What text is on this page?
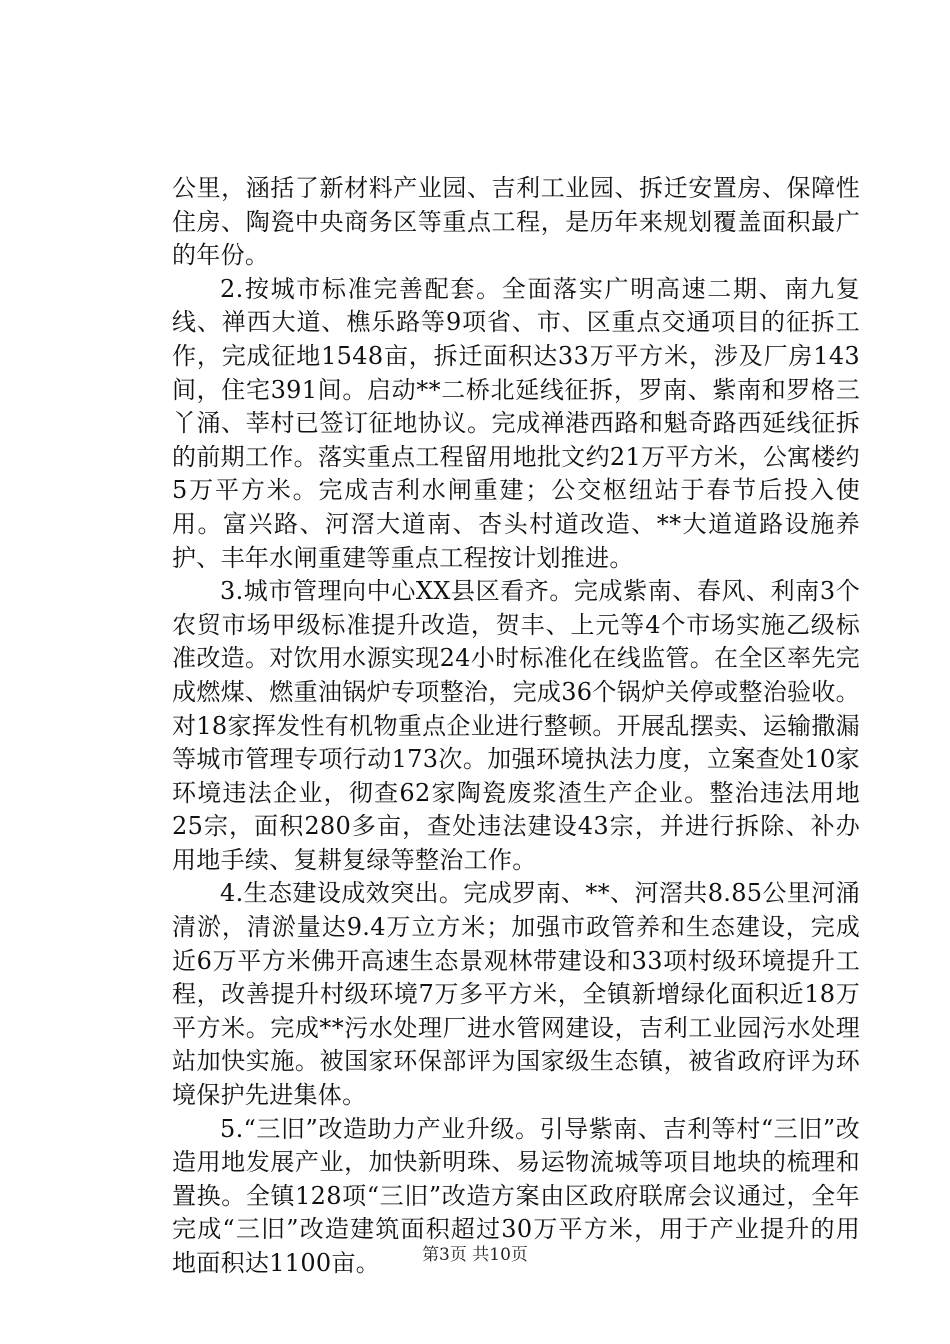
公里，涵括了新材料产业园、吉利工业园、拆迁安置房、保障性住房、陶瓷中央商务区等重点工程，是历年来规划覆盖面积最广的年份。

2.按城市标准完善配套。全面落实广明高速二期、南九复线、禅西大道、樵乐路等9项省、市、区重点交通项目的征拆工作，完成征地1548亩，拆迁面积达33万平方米，涉及厂房143间，住宅391间。启动**二桥北延线征拆，罗南、紫南和罗格三丫涌、莘村已签订征地协议。完成禅港西路和魁奇路西延线征拆的前期工作。落实重点工程留用地批文约21万平方米，公寓楼约5万平方米。完成吉利水闸重建；公交枢纽站于春节后投入使用。富兴路、河滘大道南、杏头村道改造、**大道道路设施养护、丰年水闸重建等重点工程按计划推进。

3.城市管理向中心XX县区看齐。完成紫南、春风、利南3个农贸市场甲级标准提升改造，贺丰、上元等4个市场实施乙级标准改造。对饮用水源实现24小时标准化在线监管。在全区率先完成燃煤、燃重油锅炉专项整治，完成36个锅炉关停或整治验收。对18家挥发性有机物重点企业进行整顿。开展乱摆卖、运输撒漏等城市管理专项行动173次。加强环境执法力度，立案查处10家环境违法企业，彻查62家陶瓷废浆渣生产企业。整治违法用地25宗，面积280多亩，查处违法建设43宗，并进行拆除、补办用地手续、复耕复绿等整治工作。

4.生态建设成效突出。完成罗南、**、河滘共8.85公里河涌清淤，清淤量达9.4万立方米；加强市政管养和生态建设，完成近6万平方米佛开高速生态景观林带建设和33项村级环境提升工程，改善提升村级环境7万多平方米，全镇新增绿化面积近18万平方米。完成**污水处理厂进水管网建设，吉利工业园污水处理站加快实施。被国家环保部评为国家级生态镇，被省政府评为环境保护先进集体。

5.“三旧”改造助力产业升级。引导紫南、吉利等村“三旧”改造用地发展产业，加快新明珠、易运物流城等项目地块的梳理和置换。全镇128项“三旧”改造方案由区政府联席会议通过，全年完成“三旧”改造建筑面积超过30万平方米，用于产业提升的用地面积达1100亩。	第3页 共10页
